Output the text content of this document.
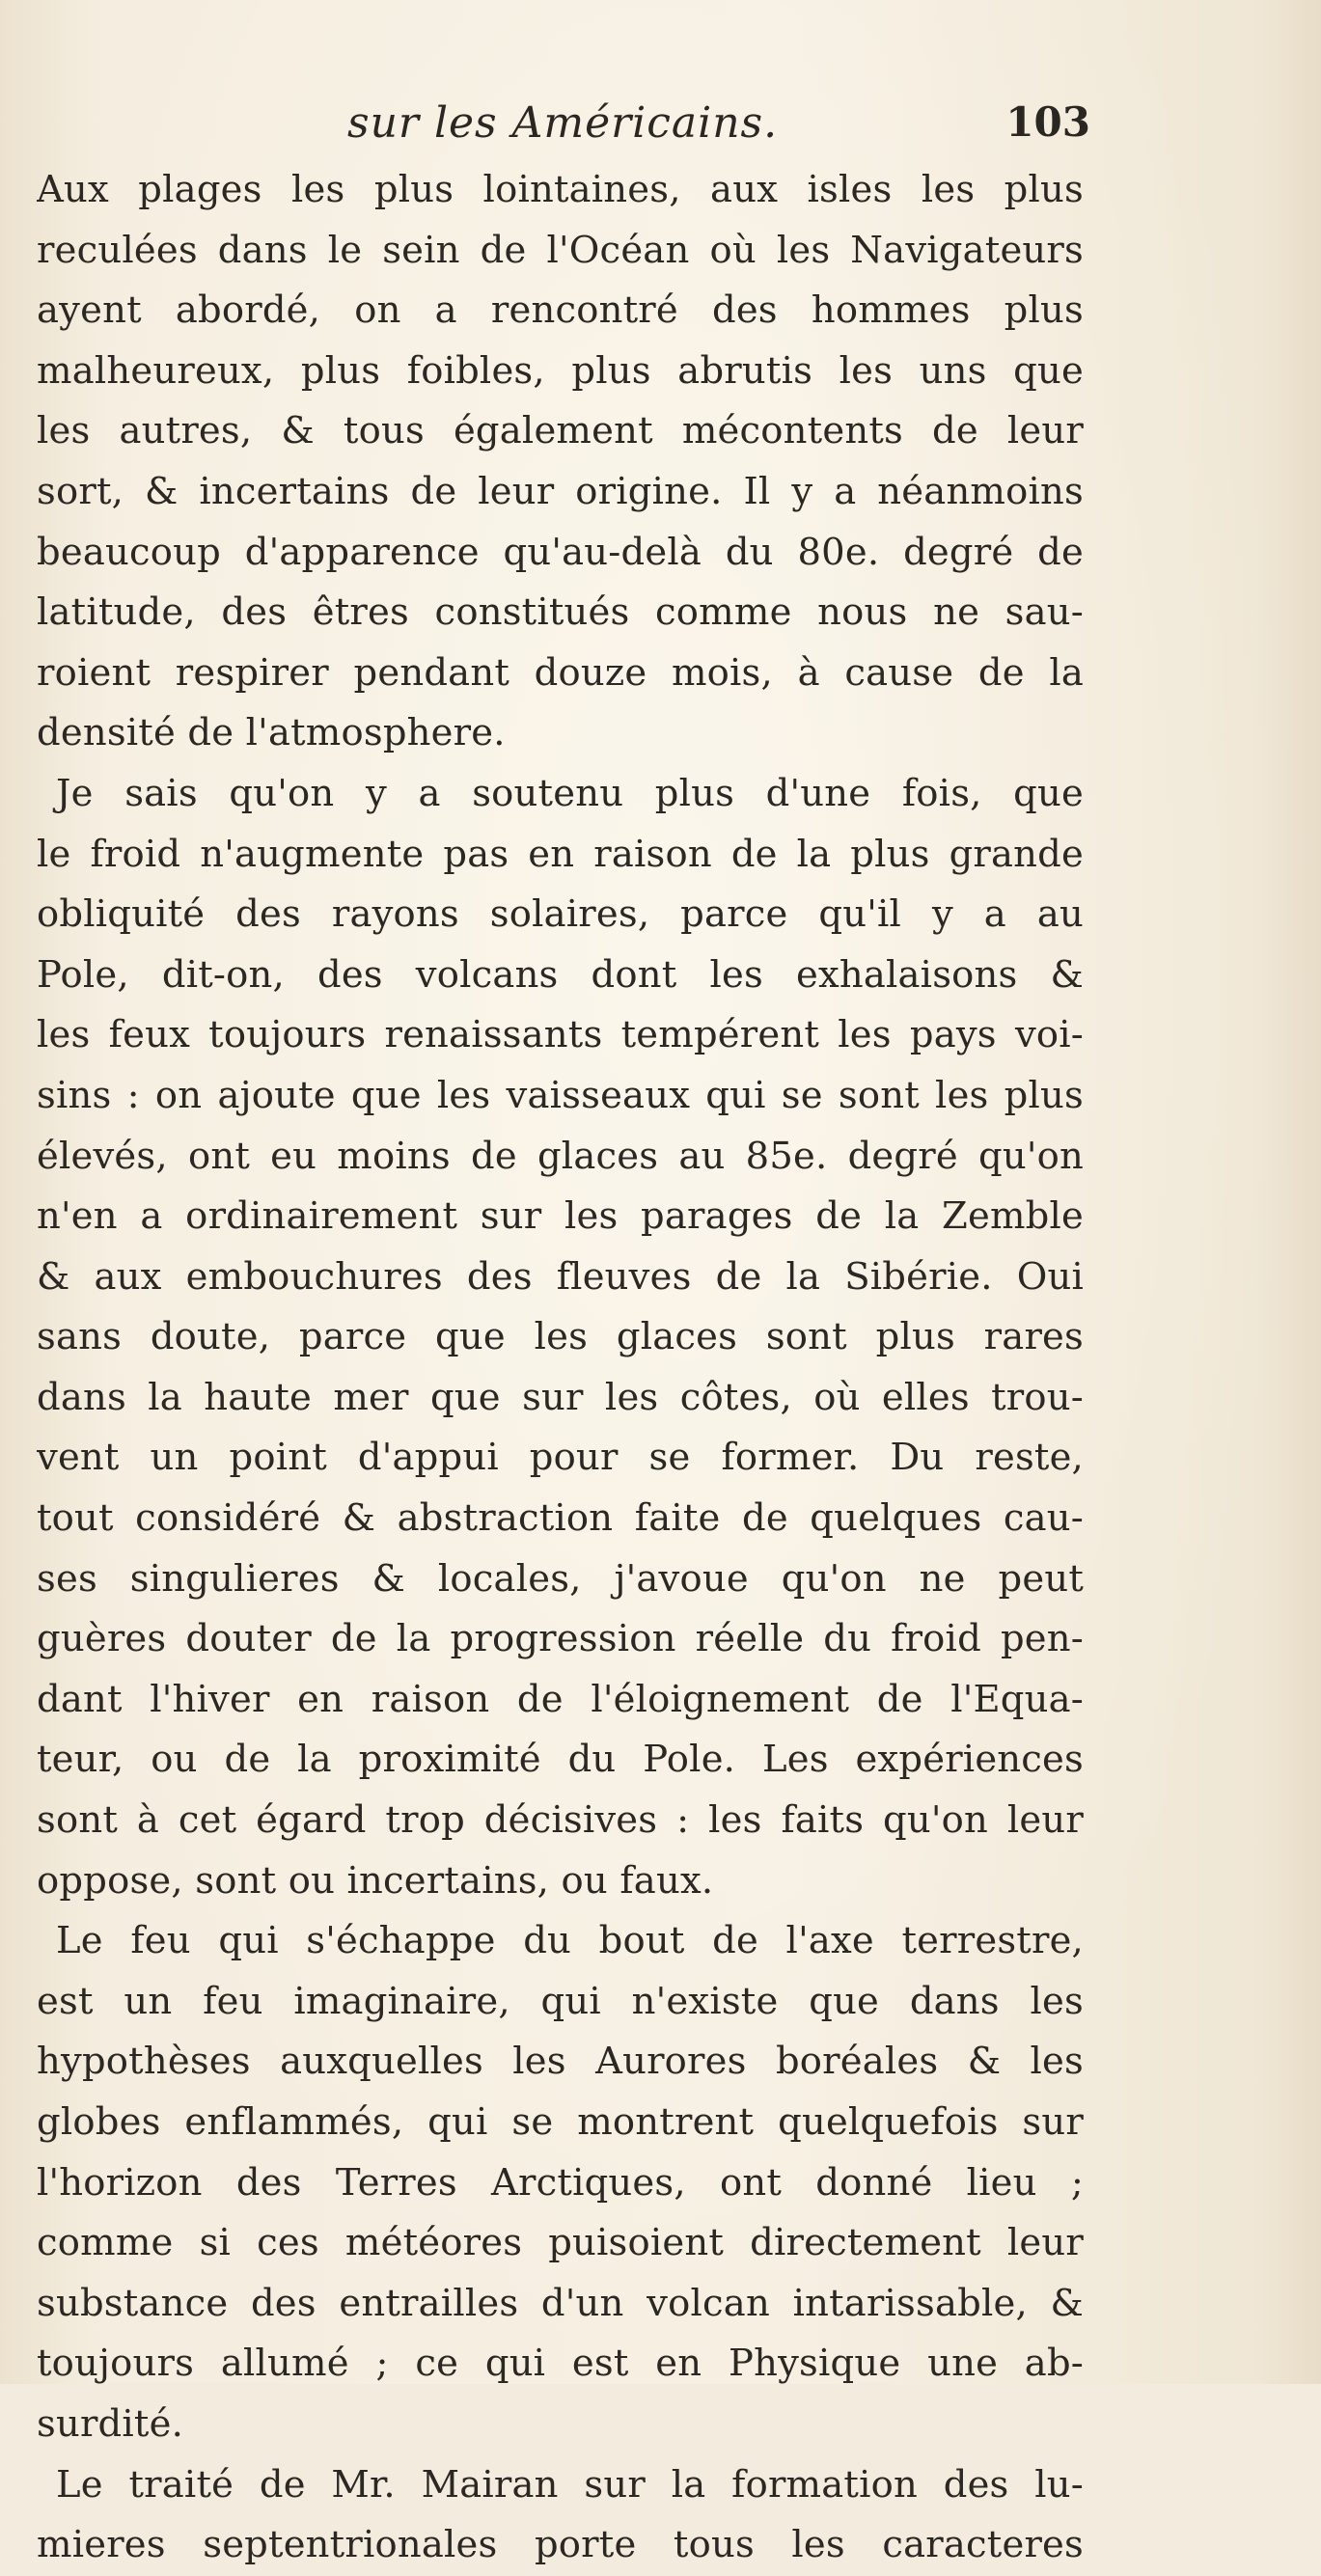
sur les Américains.	103
Aux plages les plus lointaines, aux isles les plus
reculées dans le sein de l'Océan où les Navigateurs
ayent abordé, on a rencontré des hommes plus
malheureux, plus foibles, plus abrutis les uns que
les autres, & tous également mécontents de leur
sort, & incertains de leur origine. Il y a néanmoins
beaucoup d'apparence qu'au-delà du 80e. degré de
latitude, des êtres constitués comme nous ne sau-
roient respirer pendant douze mois, à cause de la
densité de l'atmosphere.
Je sais qu'on y a soutenu plus d'une fois, que
le froid n'augmente pas en raison de la plus grande
obliquité des rayons solaires, parce qu'il y a au
Pole, dit-on, des volcans dont les exhalaisons &
les feux toujours renaissants tempérent les pays voi-
sins : on ajoute que les vaisseaux qui se sont les plus
élevés, ont eu moins de glaces au 85e. degré qu'on
n'en a ordinairement sur les parages de la Zemble
& aux embouchures des fleuves de la Sibérie. Oui
sans doute, parce que les glaces sont plus rares
dans la haute mer que sur les côtes, où elles trou-
vent un point d'appui pour se former. Du reste,
tout considéré & abstraction faite de quelques cau-
ses singulieres & locales, j'avoue qu'on ne peut
guères douter de la progression réelle du froid pen-
dant l'hiver en raison de l'éloignement de l'Equa-
teur, ou de la proximité du Pole. Les expériences
sont à cet égard trop décisives : les faits qu'on leur
oppose, sont ou incertains, ou faux.
Le feu qui s'échappe du bout de l'axe terrestre,
est un feu imaginaire, qui n'existe que dans les
hypothèses auxquelles les Aurores boréales & les
globes enflammés, qui se montrent quelquefois sur
l'horizon des Terres Arctiques, ont donné lieu ;
comme si ces météores puisoient directement leur
substance des entrailles d'un volcan intarissable, &
toujours allumé ; ce qui est en Physique une ab-
surdité.
Le traité de Mr. Mairan sur la formation des lu-
mieres septentrionales porte tous les caracteres
